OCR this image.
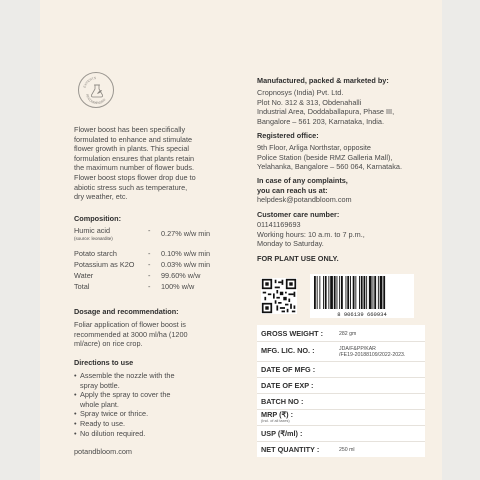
EXPERTS
RECOMMENDED
Flower boost has been specifically
formulated to enhance and stimulate
flower growth in plants. This special
formulation ensures that plants retain
the maximum number of flower buds.
Flower boost stops flower drop due to
abiotic stress such as temperature,
dry weather, etc.
Composition:
Humic acid	- 0.27% w/w min
(source: leonardite)
Potato starch	- 0.10% w/w min
Potassium as K2O - 0.03% w/w min
Water	- 99.60% w/w
Total	- 100% w/w
Dosage and recommendation:
Foliar application of flower boost is
recommended at 3000 ml/ha (1200
ml/acre) on rice crop.
Directions to use
• Assemble the nozzle with the
spray bottle.
• Apply the spray to cover the
whole plant.
• Spray twice or thrice.
• Ready to use.
• No dilution required.
potandbloom.com
Manufactured, packed & marketed by:
Cropnosys (India) Pvt. Ltd.
Plot No. 312 & 313, Obdenahalli
Industrial Area, Doddaballapura, Phase III,
Bangalore – 561 203, Karnataka, India.
Registered office:
9th Floor, Arliga Northstar, opposite
Police Station (beside RMZ Galleria Mall),
Yelahanka, Bangalore – 560 064, Karnataka.
In case of any complaints,
you can reach us at:
helpdesk@potandbloom.com
Customer care number:
01141169693
Working hours: 10 a.m. to 7 p.m.,
Monday to Saturday.
FOR PLANT USE ONLY.
8 906139 660934
GROSS WEIGHT :	282 gm
MFG. LIC. NO. :	JDA/F&PP/KAR
/FE19-20188109/2022-2023.
DATE OF MFG :
DATE OF EXP :
BATCH NO :
MRP (₹) :
(Incl. of all taxes)
USP (₹/ml) :
NET QUANTITY :	250 ml
